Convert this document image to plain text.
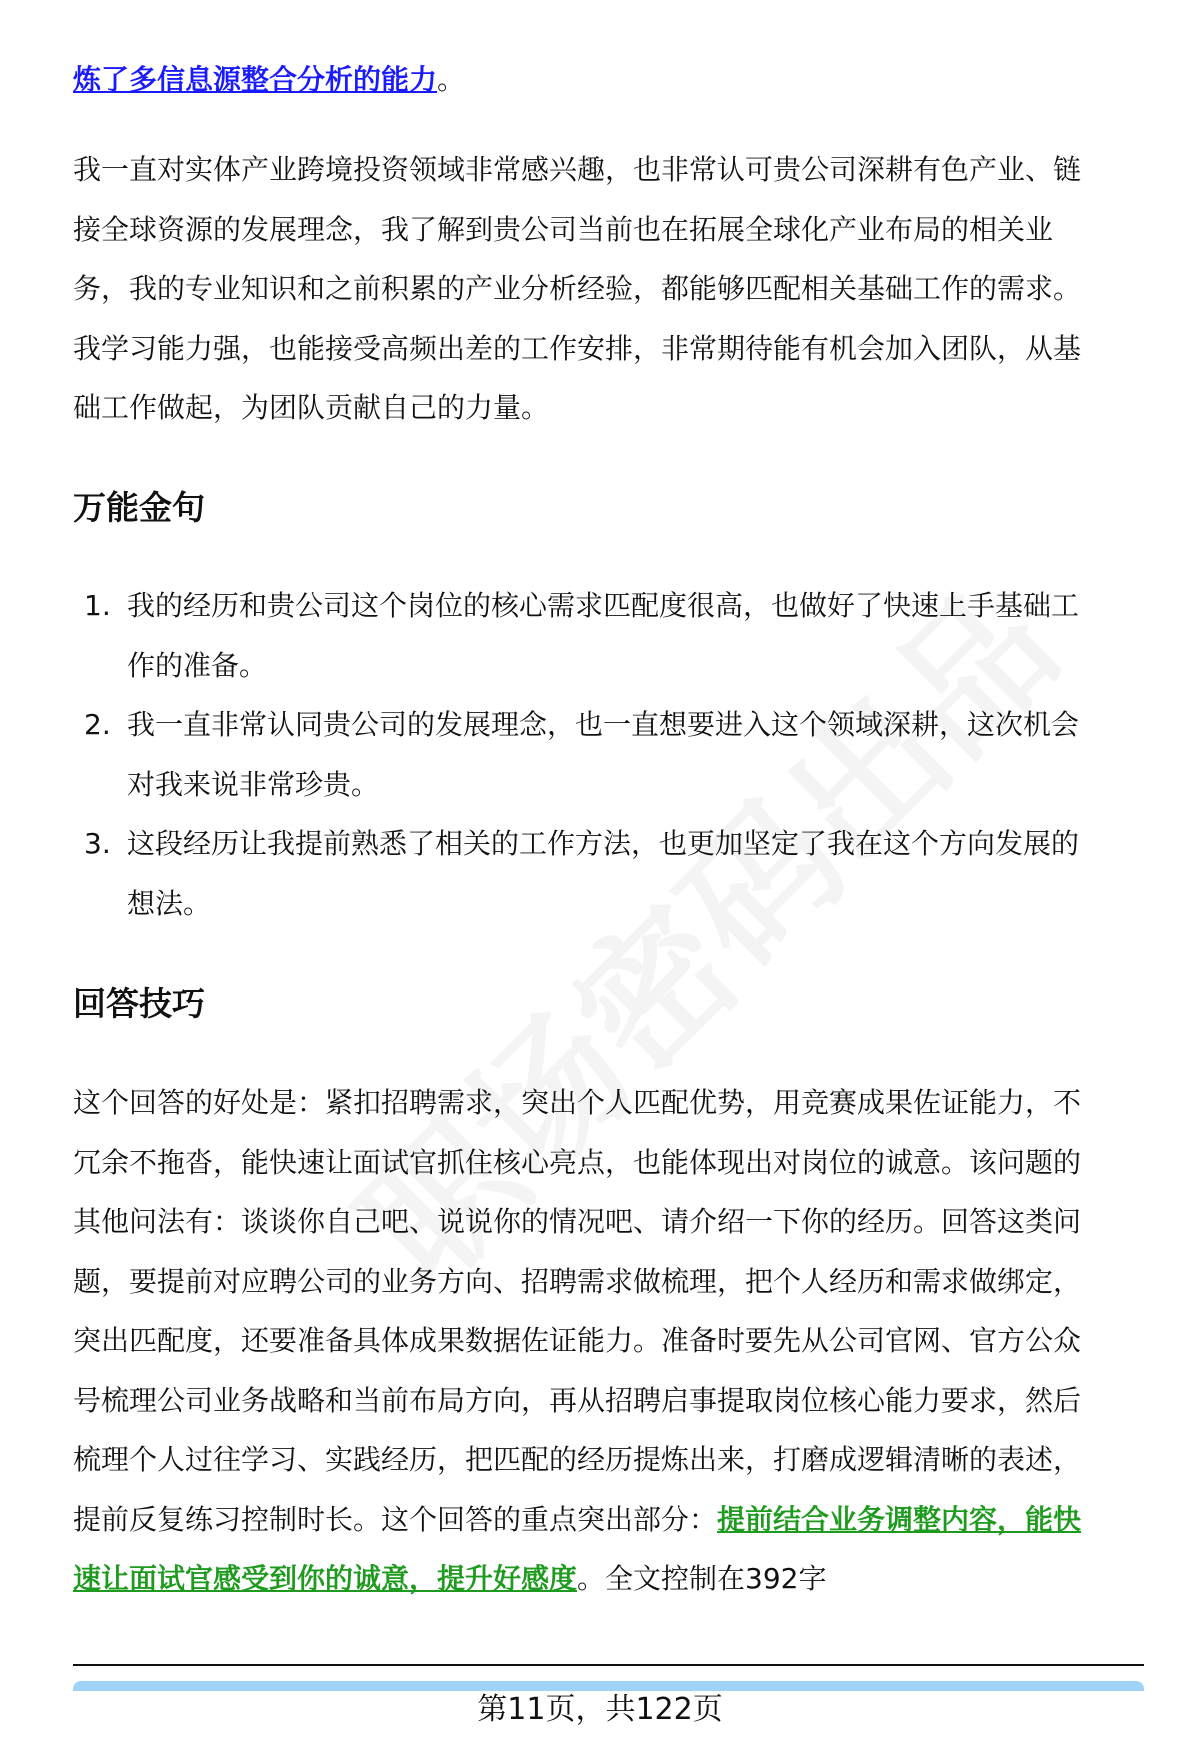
炼了多信息源整合分析的能力。
我一直对实体产业跨境投资领域非常感兴趣，也非常认可贵公司深耕有色产业、链
接全球资源的发展理念，我了解到贵公司当前也在拓展全球化产业布局的相关业
务，我的专业知识和之前积累的产业分析经验，都能够匹配相关基础工作的需求。
我学习能力强，也能接受高频出差的工作安排，非常期待能有机会加入团队，从基
础工作做起，为团队贡献自己的力量。
万能金句
1. 我的经历和贵公司这个岗位的核心需求匹配度很高，也做好了快速上手基础工
作的准备。
2. 我一直非常认同贵公司的发展理念，也一直想要进入这个领域深耕，这次机会
对我来说非常珍贵。
3. 这段经历让我提前熟悉了相关的工作方法，也更加坚定了我在这个方向发展的
想法。
回答技巧
这个回答的好处是：紧扣招聘需求，突出个人匹配优势，用竞赛成果佐证能力，不
冗余不拖沓，能快速让面试官抓住核心亮点，也能体现出对岗位的诚意。该问题的
其他问法有：谈谈你自己吧、说说你的情况吧、请介绍一下你的经历。回答这类问
题，要提前对应聘公司的业务方向、招聘需求做梳理，把个人经历和需求做绑定，
突出匹配度，还要准备具体成果数据佐证能力。准备时要先从公司官网、官方公众
号梳理公司业务战略和当前布局方向，再从招聘启事提取岗位核心能力要求，然后
梳理个人过往学习、实践经历，把匹配的经历提炼出来，打磨成逻辑清晰的表述，
提前反复练习控制时长。这个回答的重点突出部分：提前结合业务调整内容，能快
速让面试官感受到你的诚意，提升好感度。全文控制在392字
第11页，共122页
